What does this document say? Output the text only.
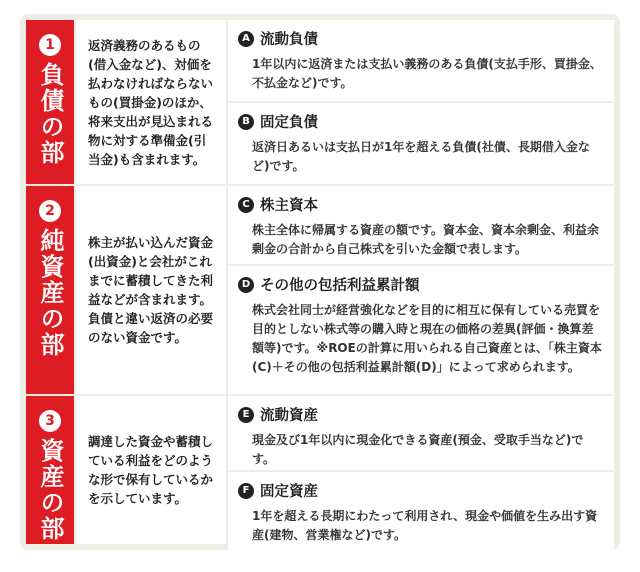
1
負債の部
返済義務のあるもの(借入金など)、対価を払わなければならないもの(買掛金)のほか、将来支出が見込まれる物に対する準備金(引当金)も含まれます。
A 流動負債
1年以内に返済または支払い義務のある負債(支払手形、買掛金、不払金など)です。
B 固定負債
返済日あるいは支払日が1年を超える負債(社債、長期借入金など)です。
2
純資産の部	株主が払い込んだ資金(出資金)と会社がこれまでに蓄積してきた利益などが含まれます。負債と違い返済の必要のない資金です。
C 株主資本
株主全体に帰属する資産の額です。資本金、資本余剰金、利益余剰金の合計から自己株式を引いた金額で表します。
D その他の包括利益累計額
株式会社同士が経営強化などを目的に相互に保有している売買を目的としない株式等の購入時と現在の価格の差異(評価・換算差額等)です。※ROEの計算に用いられる自己資産とは、「株主資本(C)＋その他の包括利益累計額(D)」によって求められます。
3
資産の部	調達した資金や蓄積している利益をどのような形で保有しているかを示しています。
E 流動資産
現金及び1年以内に現金化できる資産(預金、受取手当など)です。
F 固定資産
1年を超える長期にわたって利用され、現金や価値を生み出す資産(建物、営業権など)です。
